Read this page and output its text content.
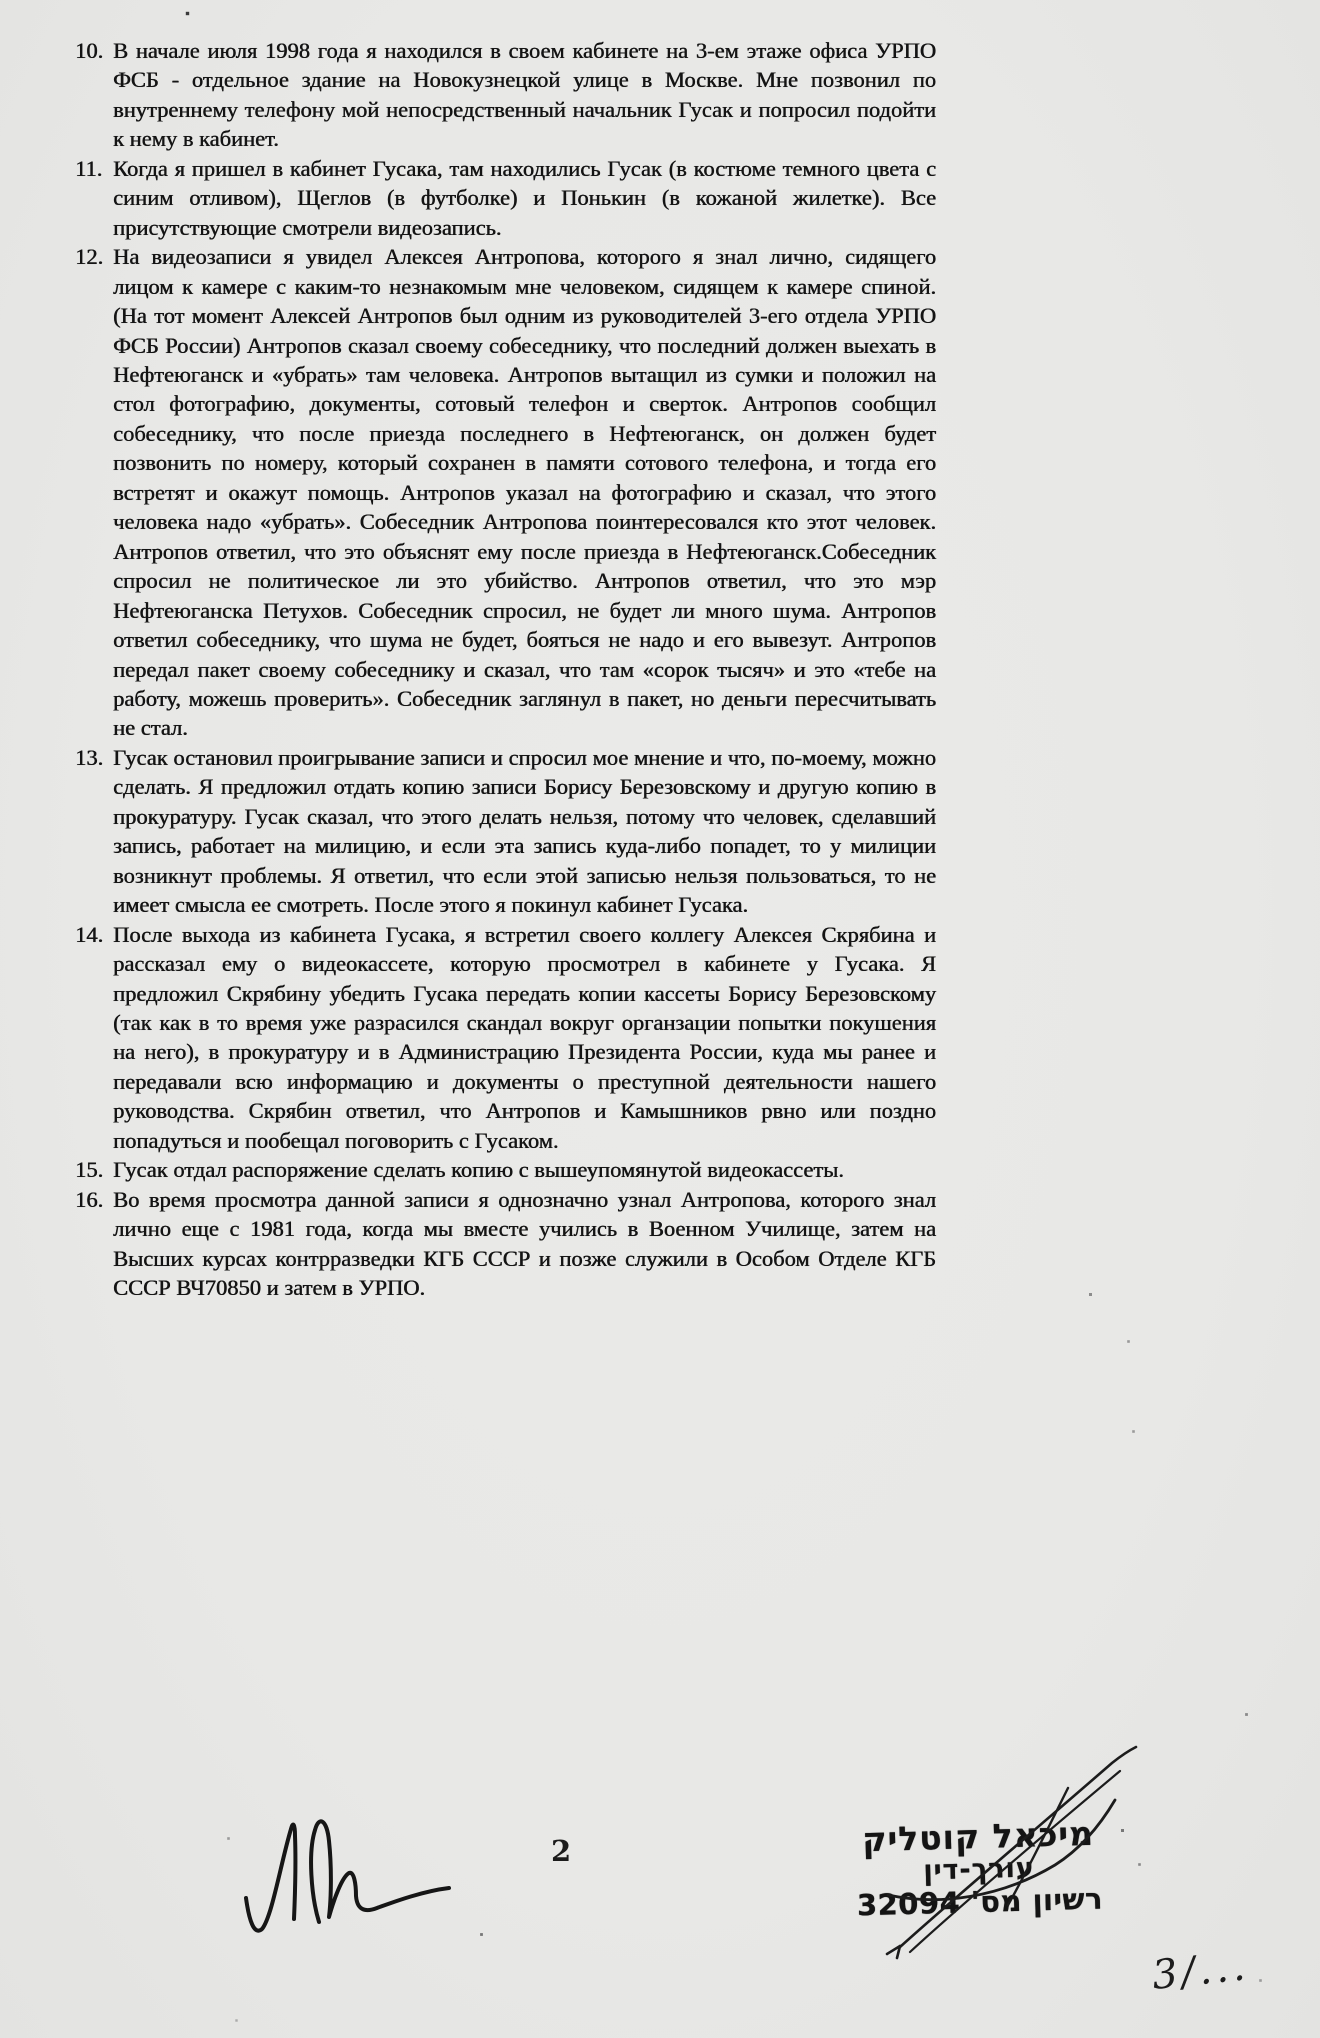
10. В начале июля 1998 года я находился в своем кабинете на 3-ем этаже офиса УРПО ФСБ - отдельное здание на Новокузнецкой улице в Москве. Мне позвонил по внутреннему телефону мой непосредственный начальник Гусак и попросил подойти к нему в кабинет.
11. Когда я пришел в кабинет Гусака, там находились Гусак (в костюме темного цвета с синим отливом), Щеглов (в футболке) и Понькин (в кожаной жилетке). Все присутствующие смотрели видеозапись.
12. На видеозаписи я увидел Алексея Антропова, которого я знал лично, сидящего лицом к камере с каким-то незнакомым мне человеком, сидящем к камере спиной. (На тот момент Алексей Антропов был одним из руководителей 3-его отдела УРПО ФСБ России) Антропов сказал своему собеседнику, что последний должен выехать в Нефтеюганск и «убрать» там человека. Антропов вытащил из сумки и положил на стол фотографию, документы, сотовый телефон и сверток. Антропов сообщил собеседнику, что после приезда последнего в Нефтеюганск, он должен будет позвонить по номеру, который сохранен в памяти сотового телефона, и тогда его встретят и окажут помощь. Антропов указал на фотографию и сказал, что этого человека надо «убрать». Собеседник Антропова поинтересовался кто этот человек. Антропов ответил, что это объяснят ему после приезда в Нефтеюганск.Собеседник спросил не политическое ли это убийство. Антропов ответил, что это мэр Нефтеюганска Петухов. Собеседник спросил, не будет ли много шума. Антропов ответил собеседнику, что шума не будет, бояться не надо и его вывезут. Антропов передал пакет своему собеседнику и сказал, что там «сорок тысяч» и это «тебе на работу, можешь проверить». Собеседник заглянул в пакет, но деньги пересчитывать не стал.
13. Гусак остановил проигрывание записи и спросил мое мнение и что, по-моему, можно сделать. Я предложил отдать копию записи Борису Березовскому и другую копию в прокуратуру. Гусак сказал, что этого делать нельзя, потому что человек, сделавший запись, работает на милицию, и если эта запись куда-либо попадет, то у милиции возникнут проблемы. Я ответил, что если этой записью нельзя пользоваться, то не имеет смысла ее смотреть. После этого я покинул кабинет Гусака.
14. После выхода из кабинета Гусака, я встретил своего коллегу Алексея Скрябина и рассказал ему о видеокассете, которую просмотрел в кабинете у Гусака. Я предложил Скрябину убедить Гусака передать копии кассеты Борису Березовскому (так как в то время уже разрасился скандал вокруг органзации попытки покушения на него), в прокуратуру и в Администрацию Президента России, куда мы ранее и передавали всю информацию и документы о преступной деятельности нашего руководства. Скрябин ответил, что Антропов и Камышников рвно или поздно попадуться и пообещал поговорить с Гусаком.
15. Гусак отдал распоряжение сделать копию с вышеупомянутой видеокассеты.
16. Во время просмотра данной записи я однозначно узнал Антропова, которого знал лично еще с 1981 года, когда мы вместе учились в Военном Училище, затем на Высших курсах контрразведки КГБ СССР и позже служили в Особом Отделе КГБ СССР ВЧ70850 и затем в УРПО.
2	מיכאל קוטליק
עורך-דין
רשיון מס' 32094
3/...
